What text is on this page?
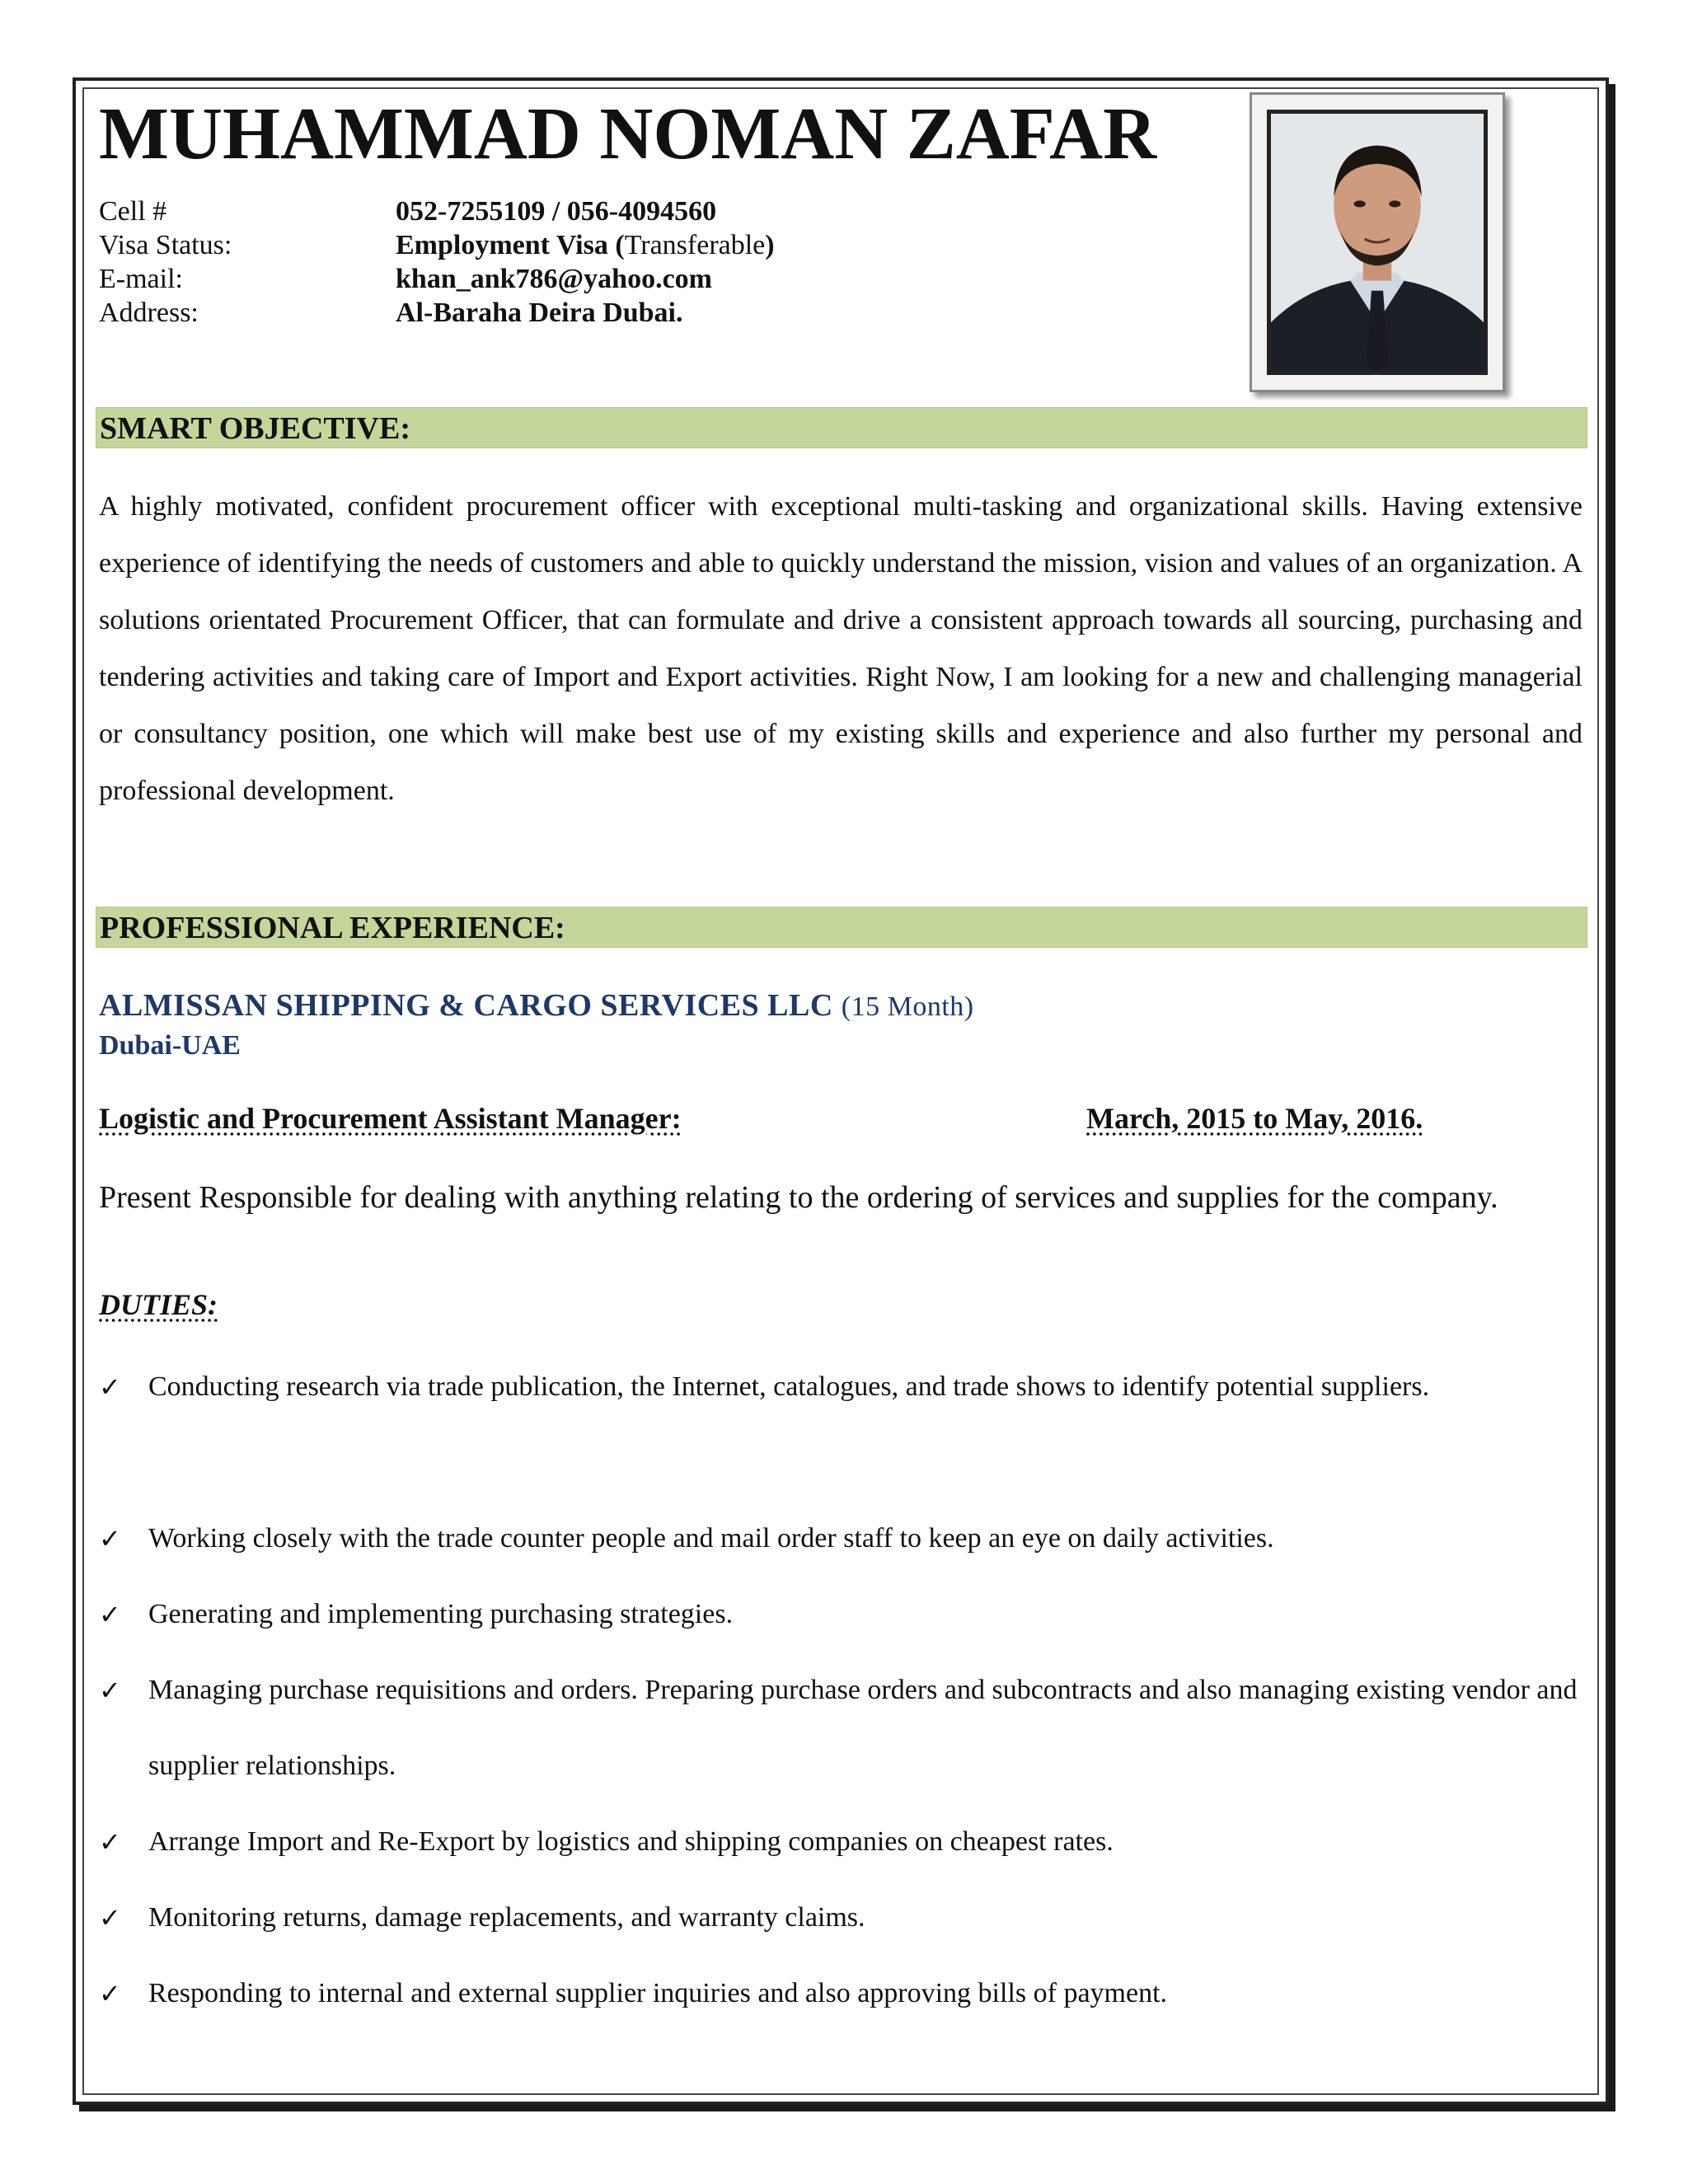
MUHAMMAD NOMAN ZAFAR
Cell #	052-7255109 / 056-4094560
Visa Status:	Employment Visa (Transferable)
E-mail:	khan_ank786@yahoo.com
Address:	Al-Baraha Deira Dubai.
SMART OBJECTIVE:

A highly motivated, confident procurement officer with exceptional multi-tasking and organizational skills. Having extensive experience of identifying the needs of customers and able to quickly understand the mission, vision and values of an organization. A solutions orientated Procurement Officer, that can formulate and drive a consistent approach towards all sourcing, purchasing and tendering activities and taking care of Import and Export activities. Right Now, I am looking for a new and challenging managerial or consultancy position, one which will make best use of my existing skills and experience and also further my personal and professional development.

PROFESSIONAL EXPERIENCE:
ALMISSAN SHIPPING & CARGO SERVICES LLC (15 Month)
Dubai-UAE
Logistic and Procurement Assistant Manager:	March, 2015 to May, 2016.

Present Responsible for dealing with anything relating to the ordering of services and supplies for the company.

DUTIES:
✓ Conducting research via trade publication, the Internet, catalogues, and trade shows to identify potential suppliers.
✓ Working closely with the trade counter people and mail order staff to keep an eye on daily activities.
✓ Generating and implementing purchasing strategies.
✓ Managing purchase requisitions and orders. Preparing purchase orders and subcontracts and also managing existing vendor and supplier relationships.
✓ Arrange Import and Re-Export by logistics and shipping companies on cheapest rates.
✓ Monitoring returns, damage replacements, and warranty claims.
✓ Responding to internal and external supplier inquiries and also approving bills of payment.
